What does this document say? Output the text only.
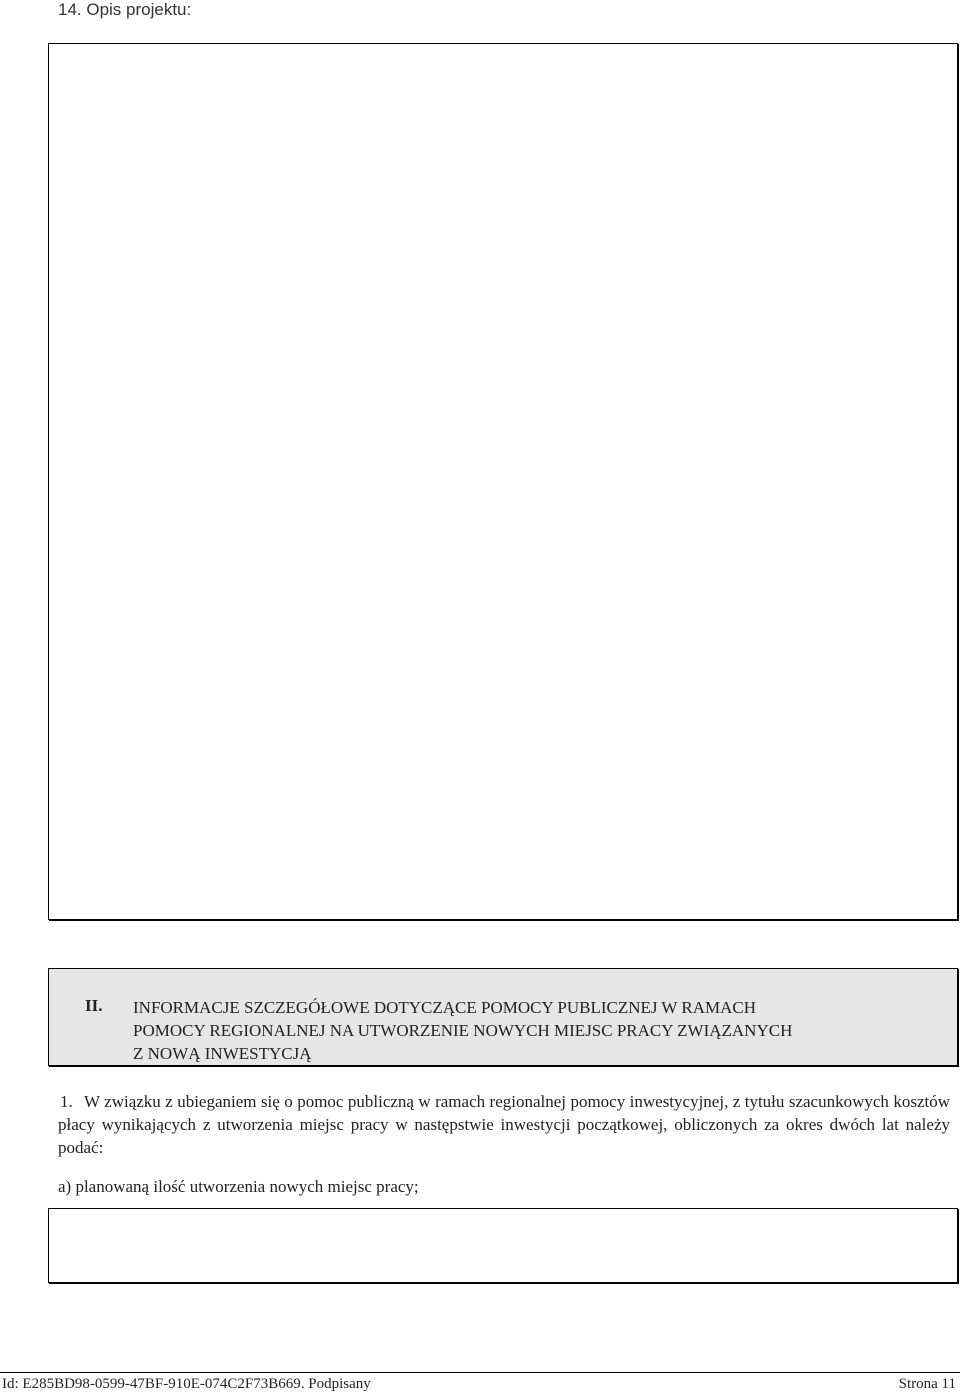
14. Opis projektu:
II.	INFORMACJE SZCZEGÓŁOWE DOTYCZĄCE POMOCY PUBLICZNEJ W RAMACH
POMOCY REGIONALNEJ NA UTWORZENIE NOWYCH MIEJSC PRACY ZWIĄZANYCH
Z NOWĄ INWESTYCJĄ
1. W związku z ubieganiem się o pomoc publiczną w ramach regionalnej pomocy inwestycyjnej, z tytułu szacunkowych kosztów płacy wynikających z utworzenia miejsc pracy w następstwie inwestycji początkowej, obliczonych za okres dwóch lat należy podać:
a) planowaną ilość utworzenia nowych miejsc pracy;
Id: E285BD98-0599-47BF-910E-074C2F73B669. Podpisany	Strona 11
